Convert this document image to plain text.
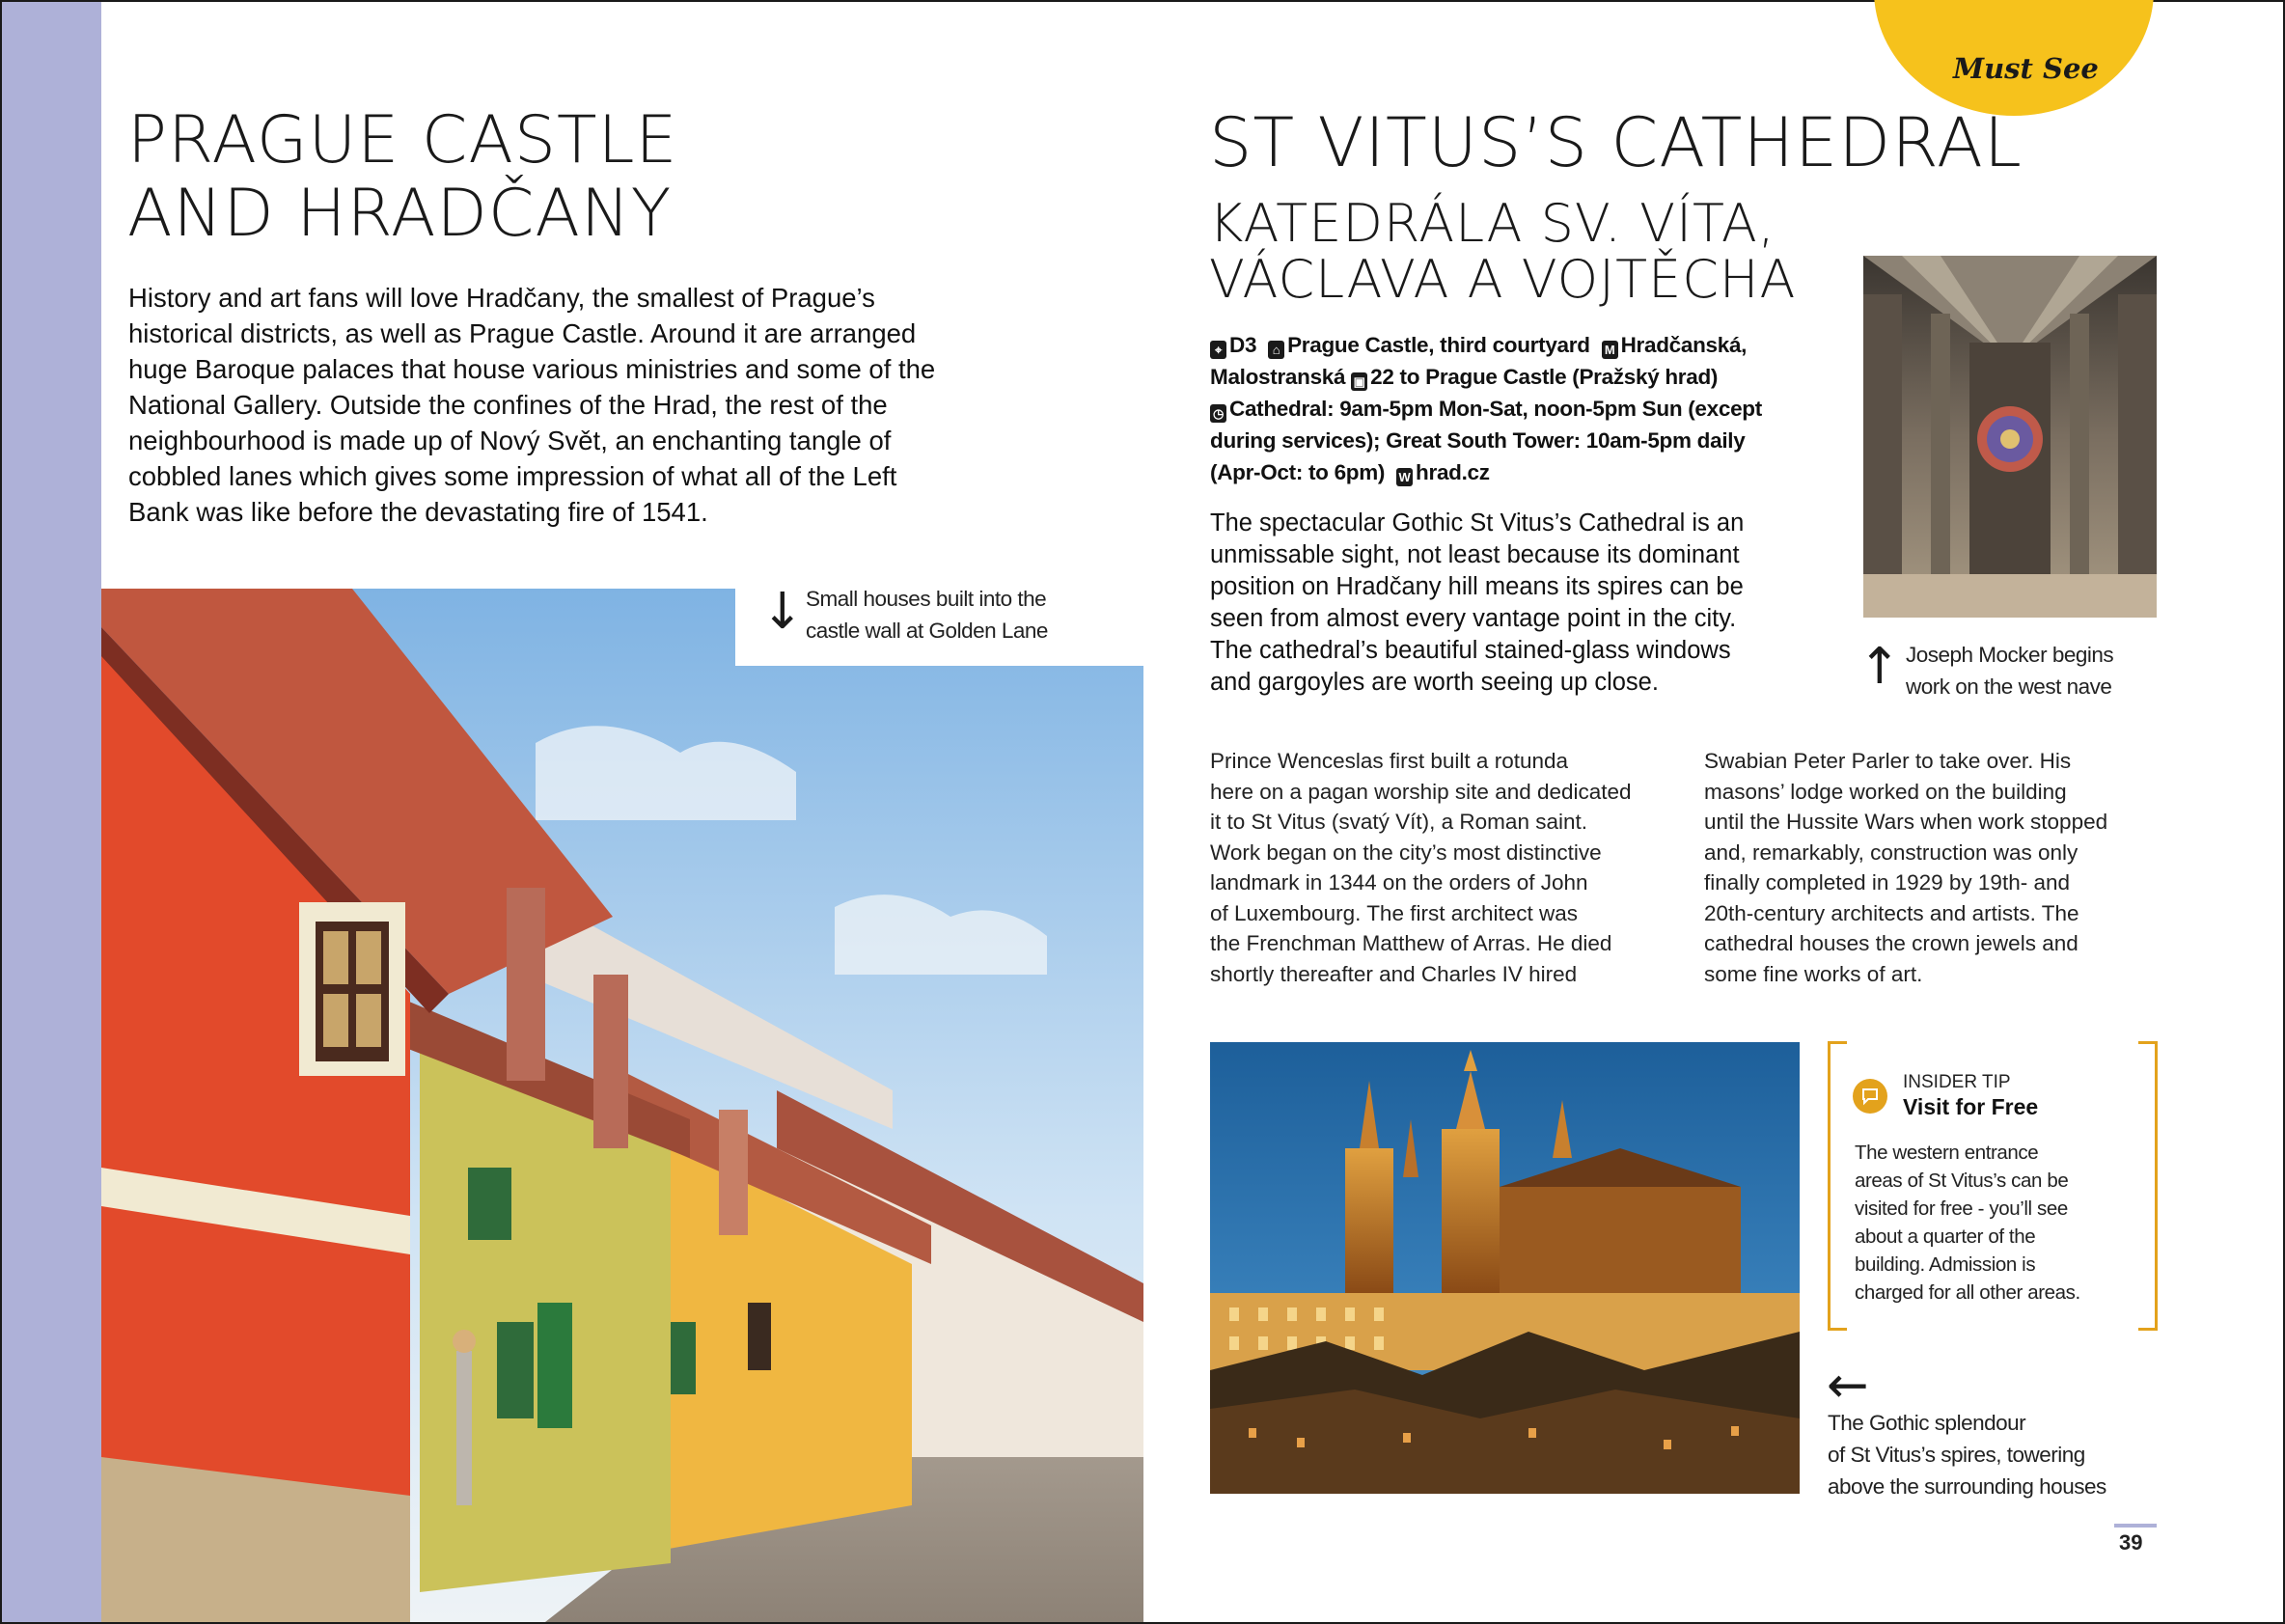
Must See

PRAGUE CASTLE

AND HRADČANY

History and art fans will love Hradčany, the smallest of Prague’s
historical districts, as well as Prague Castle. Around it are arranged
huge Baroque palaces that house various ministries and some of the
National Gallery. Outside the confines of the Hrad, the rest of the
neighbourhood is made up of Nový Svět, an enchanting tangle of
cobbled lanes which gives some impression of what all of the Left
Bank was like before the devastating fire of 1541.
↓ Small houses built into the
castle wall at Golden Lane

ST VITUS’S CATHEDRAL

KATEDRÁLA SV. VÍTA,

VÁCLAVA A VOJTĚCHA

⌖ D3 ⌂ Prague Castle, third courtyard M Hradčanská,
Malostranská ▣ 22 to Prague Castle (Pražský hrad)
◷ Cathedral: 9am-5pm Mon-Sat, noon-5pm Sun (except
during services); Great South Tower: 10am-5pm daily
(Apr-Oct: to 6pm) W hrad.cz
The spectacular Gothic St Vitus’s Cathedral is an
unmissable sight, not least because its dominant
position on Hradčany hill means its spires can be
seen from almost every vantage point in the city.
The cathedral’s beautiful stained-glass windows
and gargoyles are worth seeing up close.	↑ Joseph Mocker begins
work on the west nave
Prince Wenceslas first built a rotunda
here on a pagan worship site and dedicated
it to St Vitus (svatý Vít), a Roman saint.
Work began on the city’s most distinctive
landmark in 1344 on the orders of John
of Luxembourg. The first architect was
the Frenchman Matthew of Arras. He died
shortly thereafter and Charles IV hired
Swabian Peter Parler to take over. His
masons’ lodge worked on the building
until the Hussite Wars when work stopped
and, remarkably, construction was only
finally completed in 1929 by 19th- and
20th-century architects and artists. The
cathedral houses the crown jewels and
some fine works of art.
INSIDER TIP
Visit for Free
The western entrance
areas of St Vitus’s can be
visited for free - you’ll see
about a quarter of the
building. Admission is
charged for all other areas.
←
The Gothic splendour
of St Vitus’s spires, towering
above the surrounding houses
39
